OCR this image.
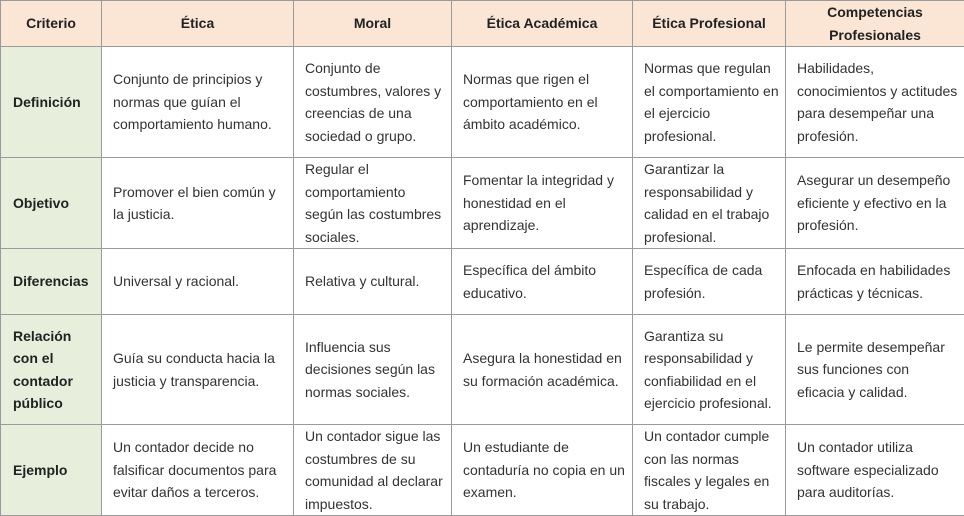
Criterio	Ética	Moral	Ética Académica	Ética Profesional	Competencias Profesionales
Definición	Conjunto de principios y normas que guían el comportamiento humano.	Conjunto de costumbres, valores y creencias de una sociedad o grupo.	Normas que rigen el comportamiento en el ámbito académico.	Normas que regulan el comportamiento en el ejercicio profesional.	Habilidades, conocimientos y actitudes para desempeñar una profesión.
Objetivo	Promover el bien común y la justicia.	Regular el comportamiento según las costumbres sociales.	Fomentar la integridad y honestidad en el aprendizaje.	Garantizar la responsabilidad y calidad en el trabajo profesional.	Asegurar un desempeño eficiente y efectivo en la profesión.
Diferencias	Universal y racional.	Relativa y cultural.	Específica del ámbito educativo.	Específica de cada profesión.	Enfocada en habilidades prácticas y técnicas.
Relación con el contador público	Guía su conducta hacia la justicia y transparencia.	Influencia sus decisiones según las normas sociales.	Asegura la honestidad en su formación académica.	Garantiza su responsabilidad y confiabilidad en el ejercicio profesional.	Le permite desempeñar sus funciones con eficacia y calidad.
Ejemplo	Un contador decide no falsificar documentos para evitar daños a terceros.	Un contador sigue las costumbres de su comunidad al declarar impuestos.	Un estudiante de contaduría no copia en un examen.	Un contador cumple con las normas fiscales y legales en su trabajo.	Un contador utiliza software especializado para auditorías.
